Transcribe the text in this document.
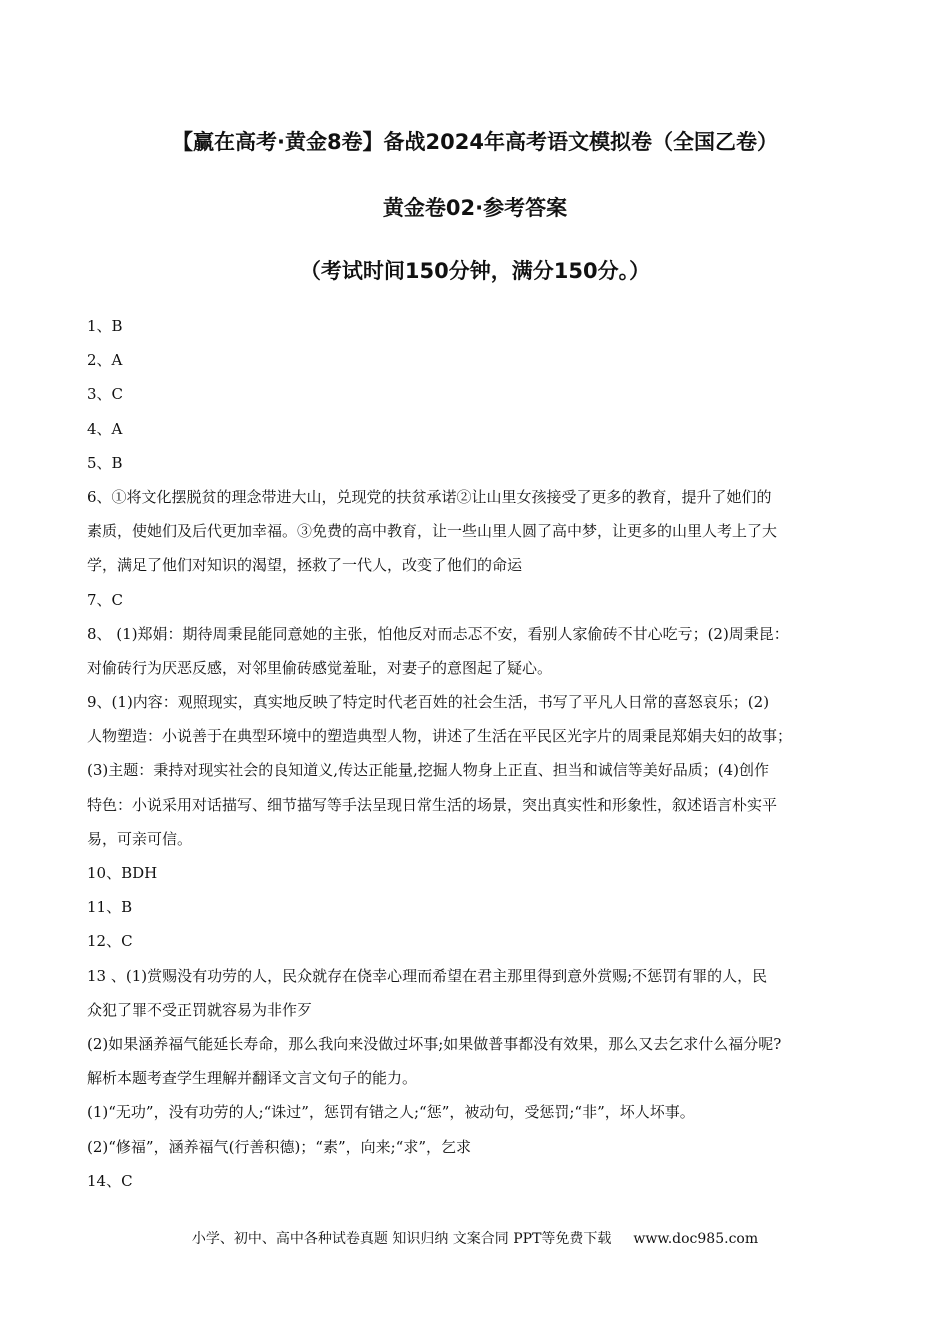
【赢在高考·黄金8卷】备战2024年高考语文模拟卷（全国乙卷）
黄金卷02·参考答案
（考试时间150分钟，满分150分。）
1、B
2、A
3、C
4、A
5、B
6、①将文化摆脱贫的理念带进大山，兑现党的扶贫承诺②让山里女孩接受了更多的教育，提升了她们的
素质，使她们及后代更加幸福。③免费的高中教育，让一些山里人圆了高中梦，让更多的山里人考上了大
学，满足了他们对知识的渴望，拯救了一代人，改变了他们的命运
7、C
8、 (1)郑娟：期待周秉昆能同意她的主张，怕他反对而忐忑不安，看别人家偷砖不甘心吃亏；(2)周秉昆：
对偷砖行为厌恶反感，对邻里偷砖感觉羞耻，对妻子的意图起了疑心。
9、(1)内容：观照现实，真实地反映了特定时代老百姓的社会生活，书写了平凡人日常的喜怒哀乐；(2)
人物塑造：小说善于在典型环境中的塑造典型人物，讲述了生活在平民区光字片的周秉昆郑娟夫妇的故事；
(3)主题：秉持对现实社会的良知道义,传达正能量,挖掘人物身上正直、担当和诚信等美好品质；(4)创作
特色：小说采用对话描写、细节描写等手法呈现日常生活的场景，突出真实性和形象性，叙述语言朴实平
易，可亲可信。
10、BDH
11、B
12、C
13 、(1)赏赐没有功劳的人，民众就存在侥幸心理而希望在君主那里得到意外赏赐;不惩罚有罪的人，民
众犯了罪不受正罚就容易为非作歹
(2)如果涵养福气能延长寿命，那么我向来没做过坏事;如果做普事都没有效果，那么又去乞求什么福分呢?
解析本题考查学生理解并翻译文言文句子的能力。
(1)“无功”，没有功劳的人;“诛过”，惩罚有错之人;“惩”，被动句，受惩罚;“非”，坏人坏事。
(2)“修福”，涵养福气(行善积德)；“素”，向来;“求”，乞求
14、C
小学、初中、高中各种试卷真题 知识归纳 文案合同 PPT等免费下载 www.doc985.com
